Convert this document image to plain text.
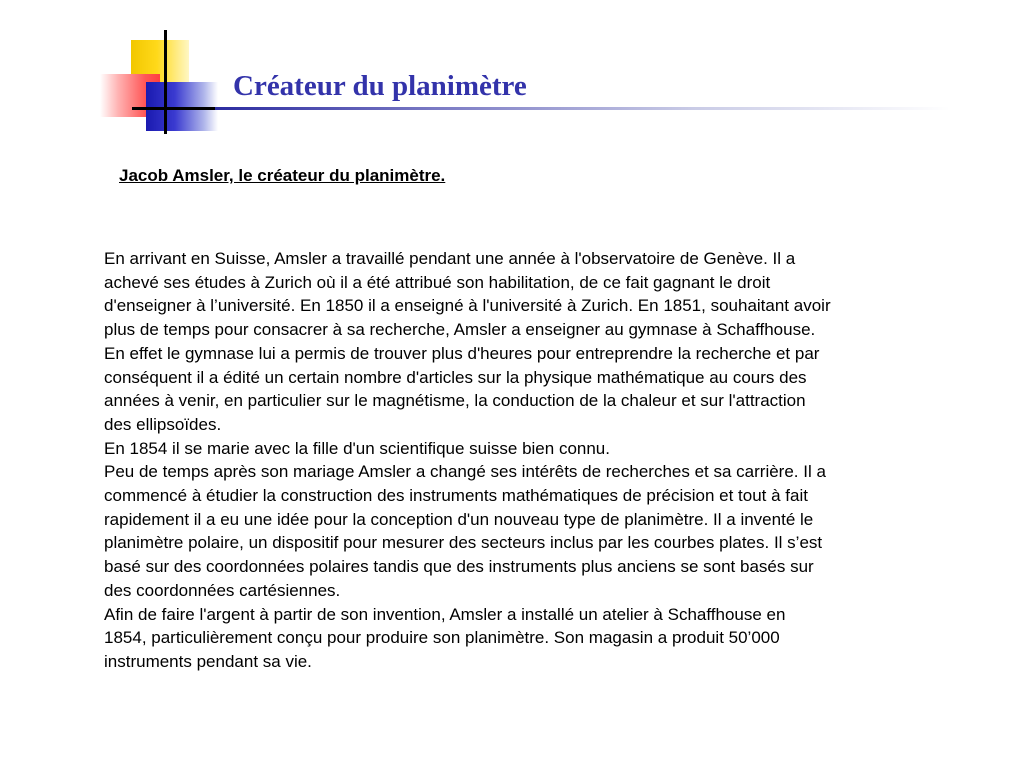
Créateur du planimètre
Jacob Amsler, le créateur du planimètre.

En arrivant en Suisse, Amsler a travaillé pendant une année à l'observatoire de Genève. Il a
achevé ses études à Zurich où il a été attribué son habilitation, de ce fait gagnant le droit
d'enseigner à l’université. En 1850 il a enseigné à l'université à Zurich. En 1851, souhaitant avoir
plus de temps pour consacrer à sa recherche, Amsler a enseigner au gymnase à Schaffhouse.
En effet le gymnase lui a permis de trouver plus d'heures pour entreprendre la recherche et par
conséquent il a édité un certain nombre d'articles sur la physique mathématique au cours des
années à venir, en particulier sur le magnétisme, la conduction de la chaleur et sur l'attraction
des ellipsoïdes.

En 1854 il se marie avec la fille d'un scientifique suisse bien connu.

Peu de temps après son mariage Amsler a changé ses intérêts de recherches et sa carrière. Il a
commencé à étudier la construction des instruments mathématiques de précision et tout à fait
rapidement il a eu une idée pour la conception d'un nouveau type de planimètre. Il a inventé le
planimètre polaire, un dispositif pour mesurer des secteurs inclus par les courbes plates. Il s’est
basé sur des coordonnées polaires tandis que des instruments plus anciens se sont basés sur
des coordonnées cartésiennes.

Afin de faire l'argent à partir de son invention, Amsler a installé un atelier à Schaffhouse en
1854, particulièrement conçu pour produire son planimètre. Son magasin a produit 50’000
instruments pendant sa vie.
